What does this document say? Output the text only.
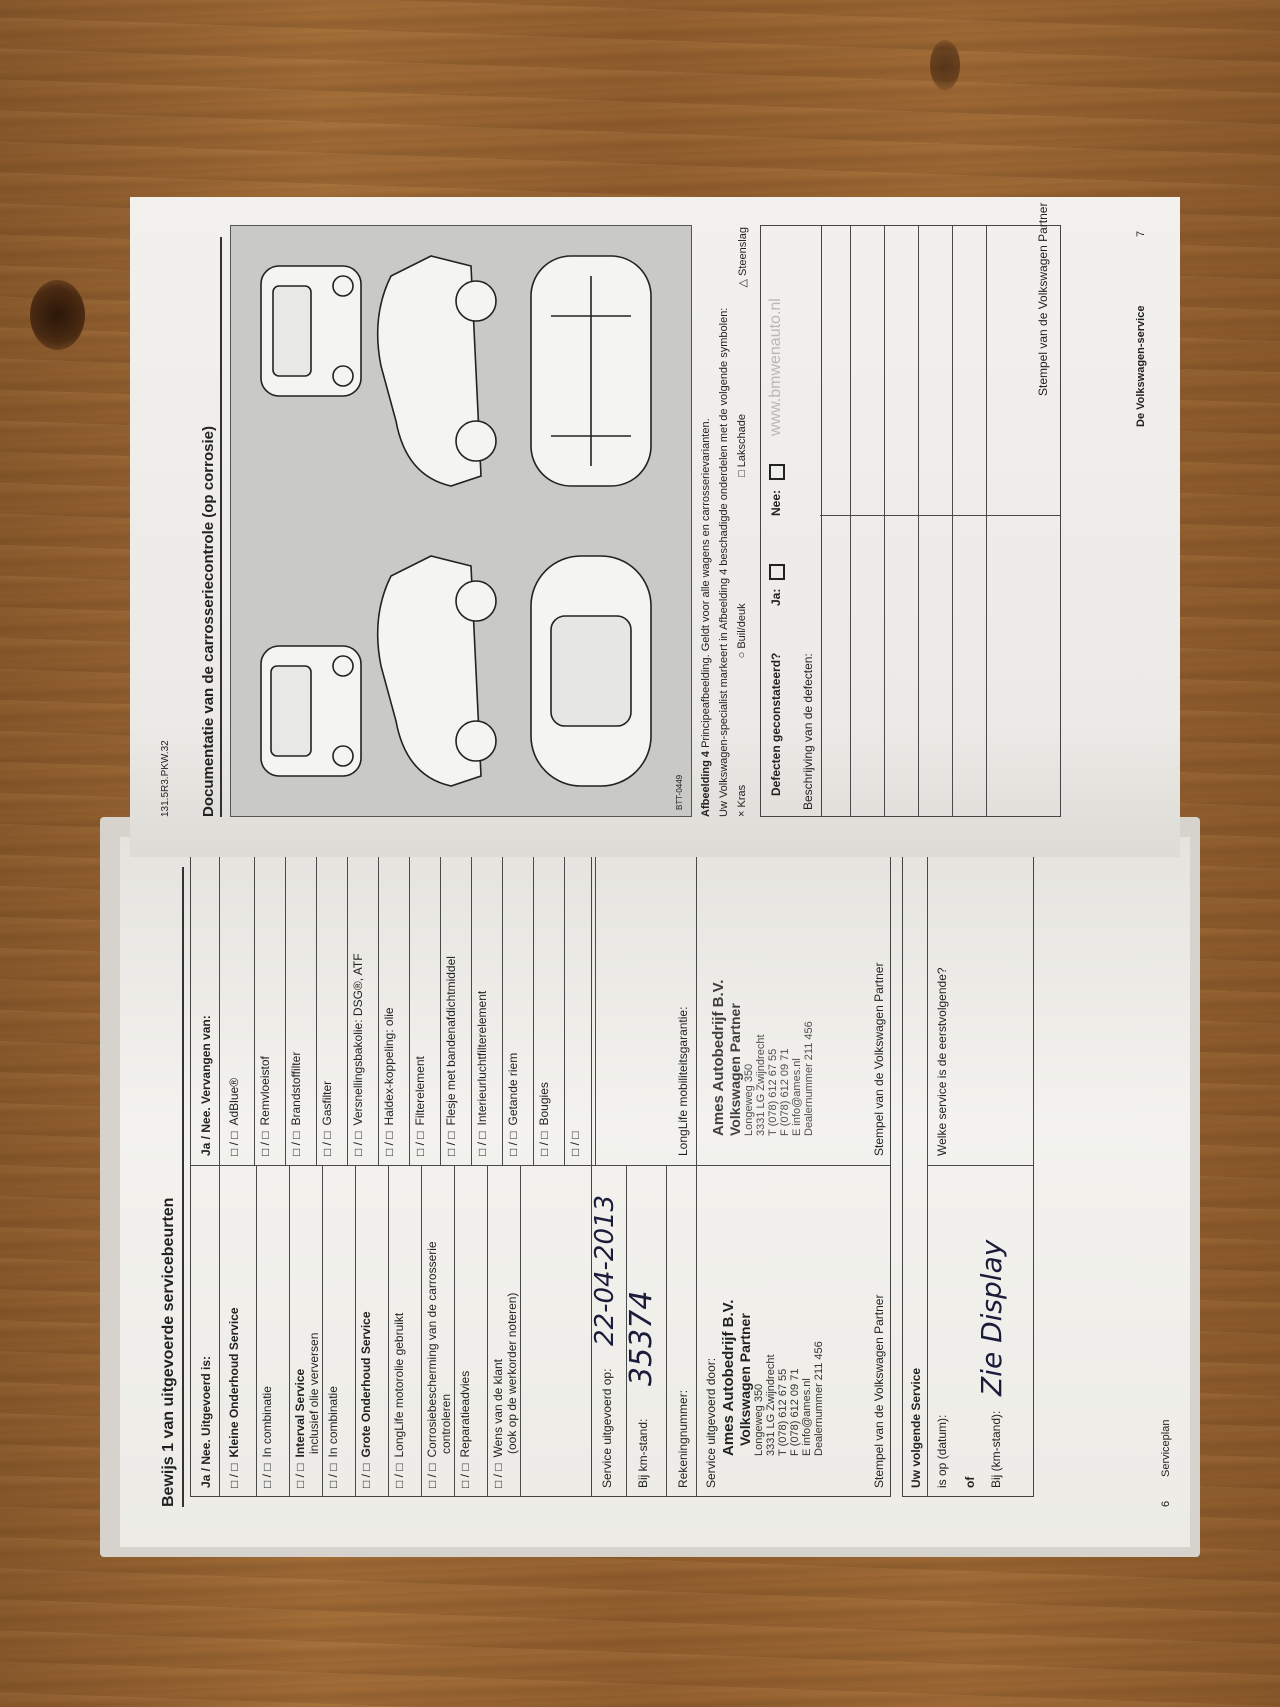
Bewijs 1 van uitgevoerde servicebeurten Ja / Nee. Uitgevoerd is:
Ja / Nee. Vervangen van:
□ / □Kleine Onderhoud Service
□ / □In combinatie
□ / □Interval Service inclusief olie verversen
□ / □In combinatie
□ / □Grote Onderhoud Service
□ / □LongLife motorolie gebruikt
□ / □Corrosiebescherming van de carrosserie controleren
□ / □Reparatieadvies
□ / □Wens van de klant (ook op de werkorder noteren)
□ / □AdBlue®
□ / □Remvloeistof
□ / □Brandstoffilter
□ / □Gasfilter
□ / □Versnellingsbakolie: DSG®, ATF
□ / □Haldex-koppeling: olie
□ / □Filterelement
□ / □Flesje met bandenafdichtmiddel
□ / □Interieurluchtfilterelement
□ / □Getande riem
□ / □Bougies
□ / □
Service uitgevoerd op:
22-04-2013
Bij km-stand:
35374
Rekeningnummer:
LongLife mobiliteitsgarantie:
Service uitgevoerd door: Ames Autobedrijf B.V. Volkswagen Partner Longeweg 350 3331 LG Zwijndrecht T (078) 612 67 55 F (078) 612 09 71 E info@ames.nl Dealernummer 211 456
Ames Autobedrijf B.V. Volkswagen Partner Longeweg 350 3331 LG Zwijndrecht T (078) 612 67 55 F (078) 612 09 71 E info@ames.nl Dealernummer 211 456
Stempel van de Volkswagen Partner
Stempel van de Volkswagen Partner
Uw volgende Service is op (datum): of Bij (km-stand):
Zie Display
Welke service is de eerstvolgende?
6
Serviceplan
131.5R3.PKW.32 Documentatie van de carrosseriecontrole (op corrosie)	BTT-0449 Afbeelding 4 Principeafbeelding. Geldt voor alle wagens en carrosserievarianten. Uw Volkswagen-specialist markeert in Afbeelding 4 beschadigde onderdelen met de volgende symbolen: × Kras
○ Buil/deuk
□ Lakschade
△ Steenslag
Defecten geconstateerd?
Ja:
Nee:
www.bmwenauto.nl
Beschrijving van de defecten:
Stempel van de Volkswagen Partner	De Volkswagen-service
7
